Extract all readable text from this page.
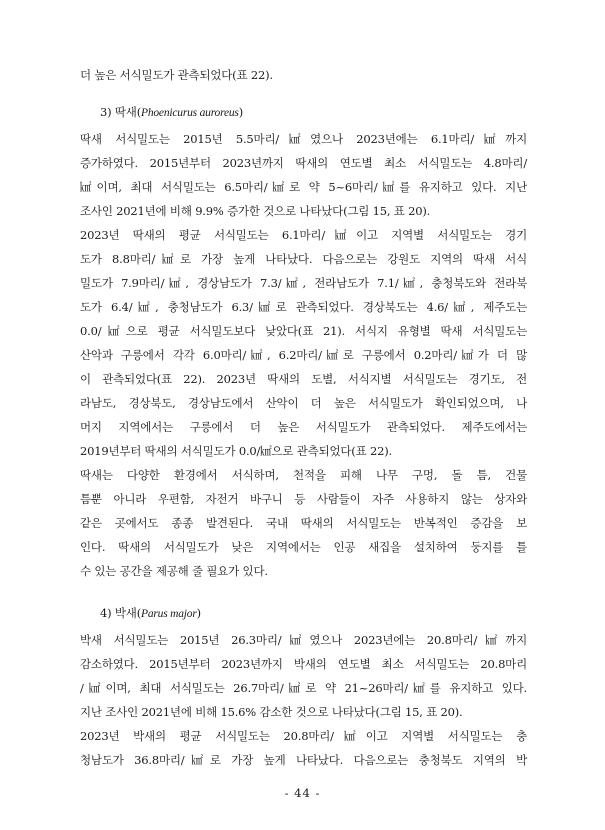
더 높은 서식밀도가 관측되었다(표 22).
3) 딱새(Phoenicurus auroreus)
딱새 서식밀도는 2015년 5.5마리/㎢였으나 2023년에는 6.1마리/㎢까지
증가하였다. 2015년부터 2023년까지 딱새의 연도별 최소 서식밀도는 4.8마리/
㎢이며, 최대 서식밀도는 6.5마리/㎢로 약 5~6마리/㎢를 유지하고 있다. 지난
조사인 2021년에 비해 9.9% 증가한 것으로 나타났다(그림 15, 표 20).
2023년 딱새의 평균 서식밀도는 6.1마리/㎢이고 지역별 서식밀도는 경기
도가 8.8마리/㎢로 가장 높게 나타났다. 다음으로는 강원도 지역의 딱새 서식
밀도가 7.9마리/㎢, 경상남도가 7.3/㎢, 전라남도가 7.1/㎢, 충청북도와 전라북
도가 6.4/㎢, 충청남도가 6.3/㎢로 관측되었다. 경상북도는 4.6/㎢, 제주도는
0.0/㎢으로 평균 서식밀도보다 낮았다(표 21). 서식지 유형별 딱새 서식밀도는
산악과 구릉에서 각각 6.0마리/㎢, 6.2마리/㎢로 구릉에서 0.2마리/㎢가 더 많
이 관측되었다(표 22). 2023년 딱새의 도별, 서식지별 서식밀도는 경기도, 전
라남도, 경상북도, 경상남도에서 산악이 더 높은 서식밀도가 확인되었으며, 나
머지 지역에서는 구릉에서 더 높은 서식밀도가 관측되었다. 제주도에서는
2019년부터 딱새의 서식밀도가 0.0/㎢으로 관측되었다(표 22).
딱새는 다양한 환경에서 서식하며, 천적을 피해 나무 구멍, 돌 틈, 건물
틈뿐 아니라 우편함, 자전거 바구니 등 사람들이 자주 사용하지 않는 상자와
같은 곳에서도 종종 발견된다. 국내 딱새의 서식밀도는 반복적인 증감을 보
인다. 딱새의 서식밀도가 낮은 지역에서는 인공 새집을 설치하여 둥지를 틀
수 있는 공간을 제공해 줄 필요가 있다.
4) 박새(Parus major)
박새 서식밀도는 2015년 26.3마리/㎢였으나 2023년에는 20.8마리/㎢까지
감소하였다. 2015년부터 2023년까지 박새의 연도별 최소 서식밀도는 20.8마리
/㎢이며, 최대 서식밀도는 26.7마리/㎢로 약 21~26마리/㎢를 유지하고 있다.
지난 조사인 2021년에 비해 15.6% 감소한 것으로 나타났다(그림 15, 표 20).
2023년 박새의 평균 서식밀도는 20.8마리/㎢이고 지역별 서식밀도는 충
청남도가 36.8마리/㎢로 가장 높게 나타났다. 다음으로는 충청북도 지역의 박
- 44 -
